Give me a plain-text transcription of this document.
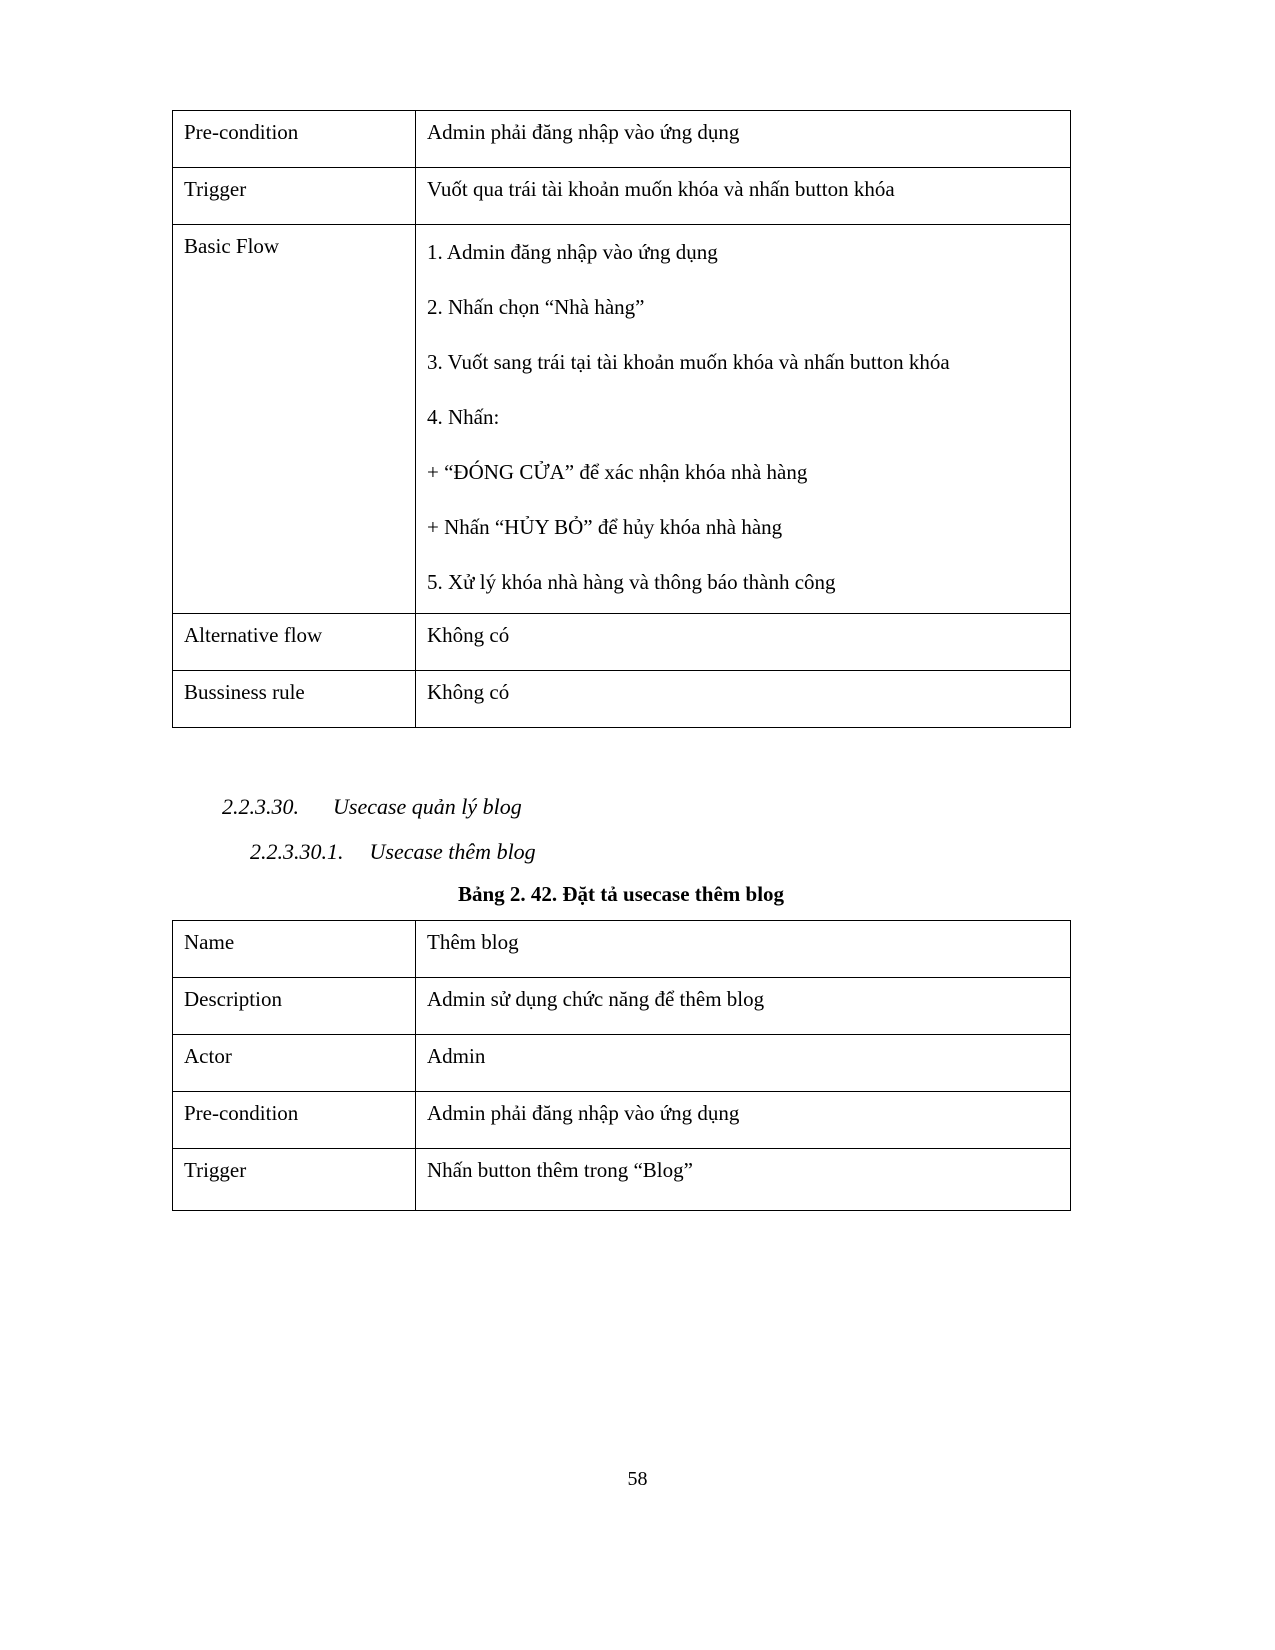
Pre-condition	Admin phải đăng nhập vào ứng dụng
Trigger	Vuốt qua trái tài khoản muốn khóa và nhấn button khóa
Basic Flow	1. Admin đăng nhập vào ứng dụng

2. Nhấn chọn “Nhà hàng”

3. Vuốt sang trái tại tài khoản muốn khóa và nhấn button khóa

4. Nhấn:

+ “ĐÓNG CỬA” để xác nhận khóa nhà hàng

+ Nhấn “HỦY BỎ” để hủy khóa nhà hàng

5. Xử lý khóa nhà hàng và thông báo thành công

Alternative flow	Không có
Bussiness rule	Không có
2.2.3.30. Usecase quản lý blog
2.2.3.30.1. Usecase thêm blog
Bảng 2. 42. Đặt tả usecase thêm blog
Name	Thêm blog
Description	Admin sử dụng chức năng để thêm blog
Actor	Admin
Pre-condition	Admin phải đăng nhập vào ứng dụng
Trigger	Nhấn button thêm trong “Blog”
58
